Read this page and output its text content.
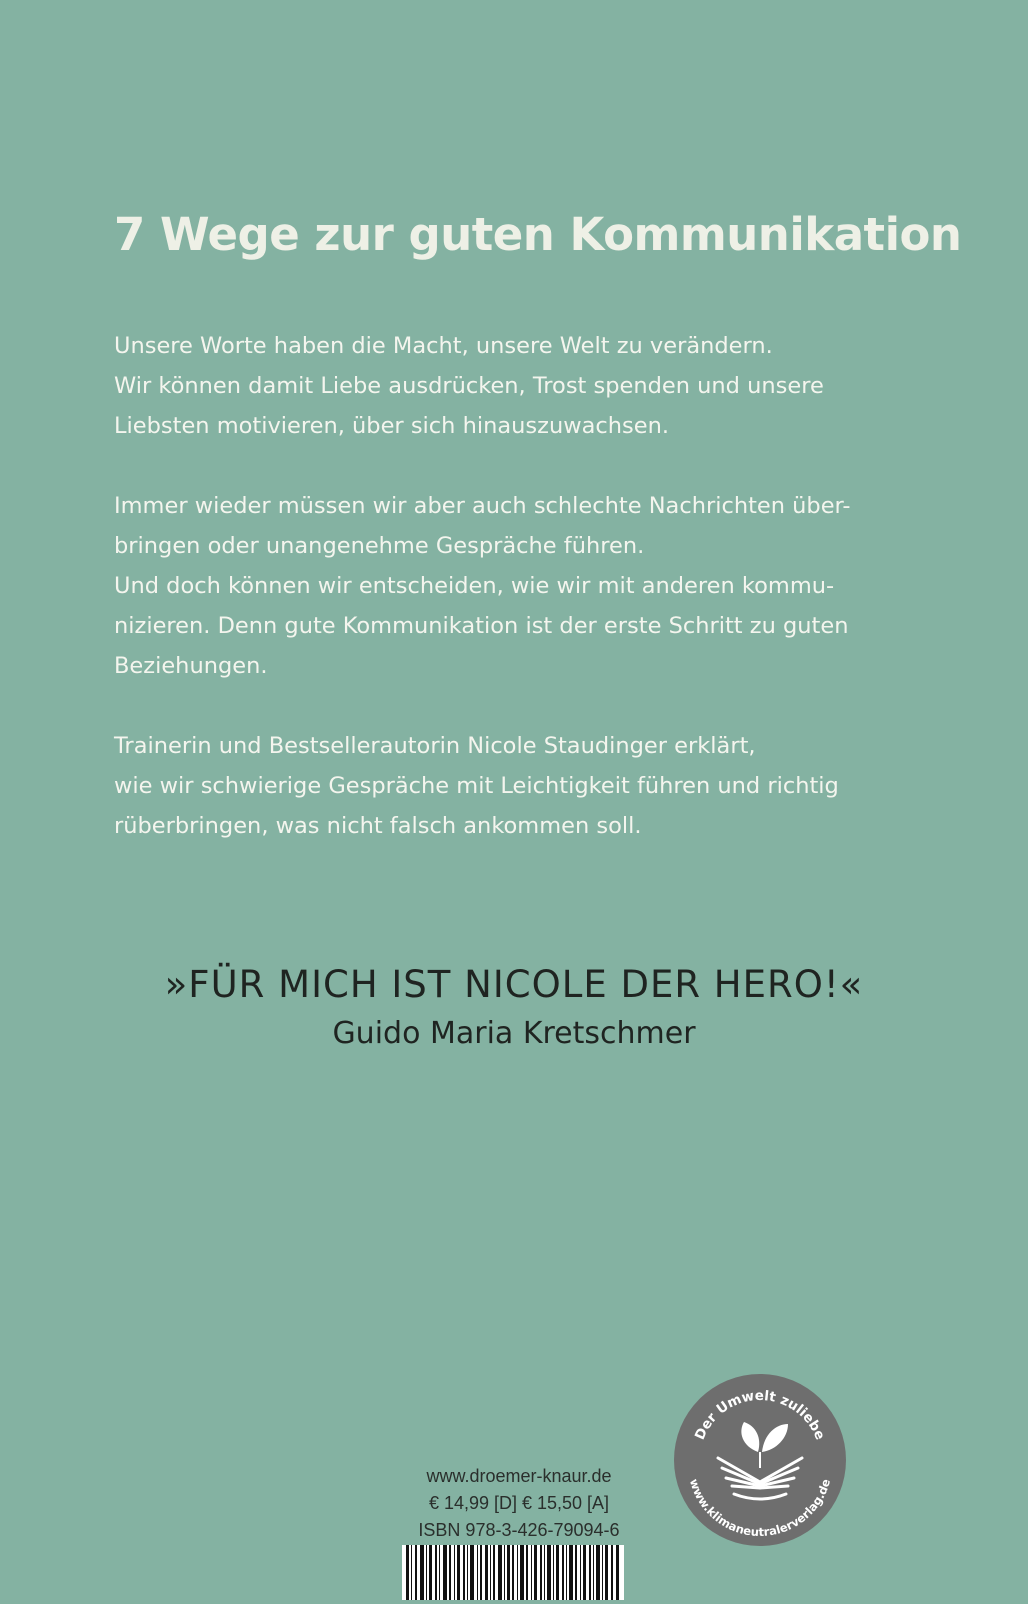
7 Wege zur guten Kommunikation

Unsere Worte haben die Macht, unsere Welt zu verändern.
Wir können damit Liebe ausdrücken, Trost spenden und unsere
Liebsten motivieren, über sich hinauszuwachsen.

Immer wieder müssen wir aber auch schlechte Nachrichten über-
bringen oder unangenehme Gespräche führen.
Und doch können wir entscheiden, wie wir mit anderen kommu-
nizieren. Denn gute Kommunikation ist der erste Schritt zu guten
Beziehungen.

Trainerin und Bestsellerautorin Nicole Staudinger erklärt,
wie wir schwierige Gespräche mit Leichtigkeit führen und richtig
rüberbringen, was nicht falsch ankommen soll.

»FÜR MICH IST NICOLE DER HERO!«
Guido Maria Kretschmer
www.droemer-knaur.de
€ 14,99 [D] € 15,50 [A]
ISBN 978-3-426-79094-6
Der Umwelt zuliebe
www.klimaneutralerverlag.de
